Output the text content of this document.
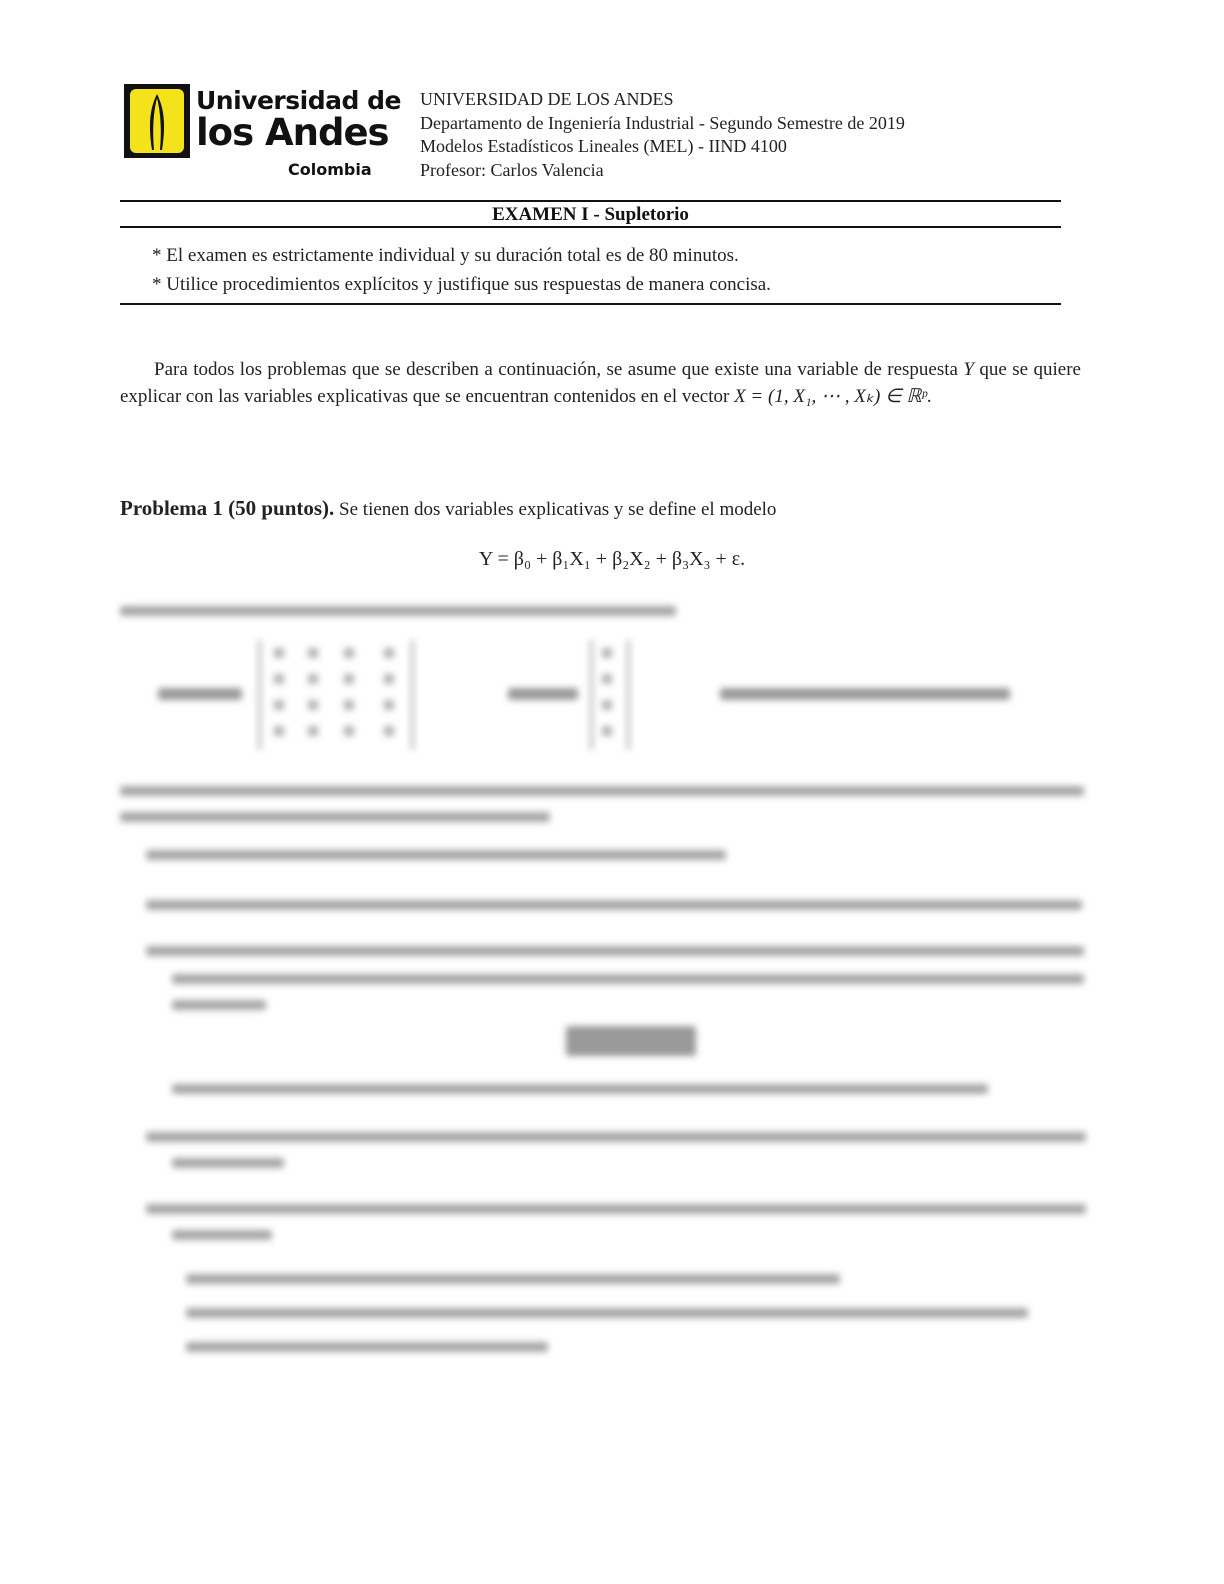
Universidad de
los Andes
Colombia
UNIVERSIDAD DE LOS ANDES
Departamento de Ingeniería Industrial - Segundo Semestre de 2019
Modelos Estadísticos Lineales (MEL) - IIND 4100
Profesor: Carlos Valencia
EXAMEN I - Supletorio
* El examen es estrictamente individual y su duración total es de 80 minutos.
* Utilice procedimientos explícitos y justifique sus respuestas de manera concisa.

Para todos los problemas que se describen a continuación, se asume que existe una variable de respuesta Y que se quiere explicar con las variables explicativas que se encuentran contenidos en el vector X = (1, X₁, ⋯ , Xₖ) ∈ ℝᵖ.

Problema 1 (50 puntos). Se tienen dos variables explicativas y se define el modelo
Y = β₀ + β₁X₁ + β₂X₂ + β₃X₃ + ε.
